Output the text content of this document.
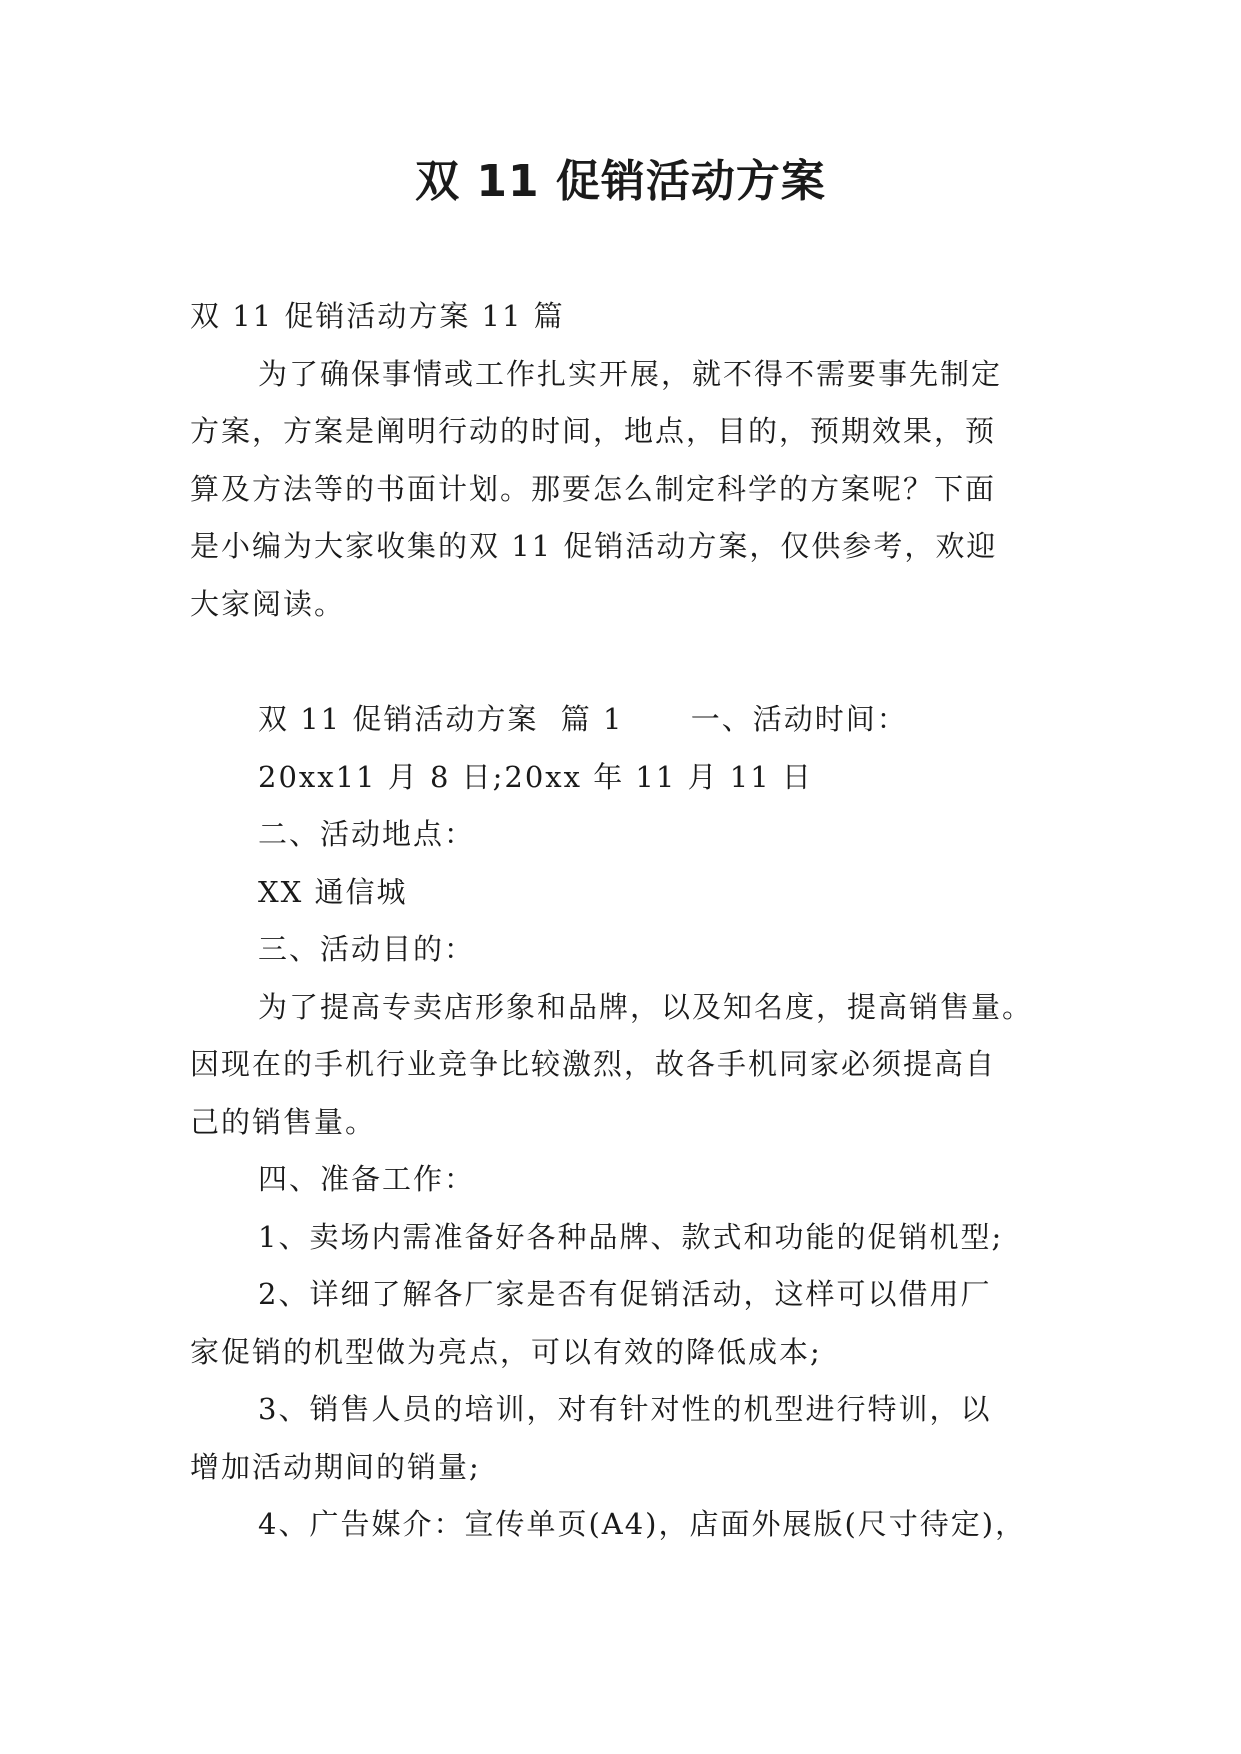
双 11 促销活动方案

双 11 促销活动方案 11 篇

为了确保事情或工作扎实开展，就不得不需要事先制定

方案，方案是阐明行动的时间，地点，目的，预期效果，预

算及方法等的书面计划。那要怎么制定科学的方案呢？下面

是小编为大家收集的双 11 促销活动方案，仅供参考，欢迎

大家阅读。

双 11 促销活动方案  篇 1      一、活动时间：

20xx11 月 8 日;20xx 年 11 月 11 日

二、活动地点：

XX 通信城

三、活动目的：

为了提高专卖店形象和品牌，以及知名度，提高销售量。

因现在的手机行业竞争比较激烈，故各手机同家必须提高自

己的销售量。

四、准备工作：

1、卖场内需准备好各种品牌、款式和功能的促销机型;

2、详细了解各厂家是否有促销活动，这样可以借用厂

家促销的机型做为亮点，可以有效的降低成本;

3、销售人员的培训，对有针对性的机型进行特训，以

增加活动期间的销量;

4、广告媒介：宣传单页(A4)，店面外展版(尺寸待定)，
